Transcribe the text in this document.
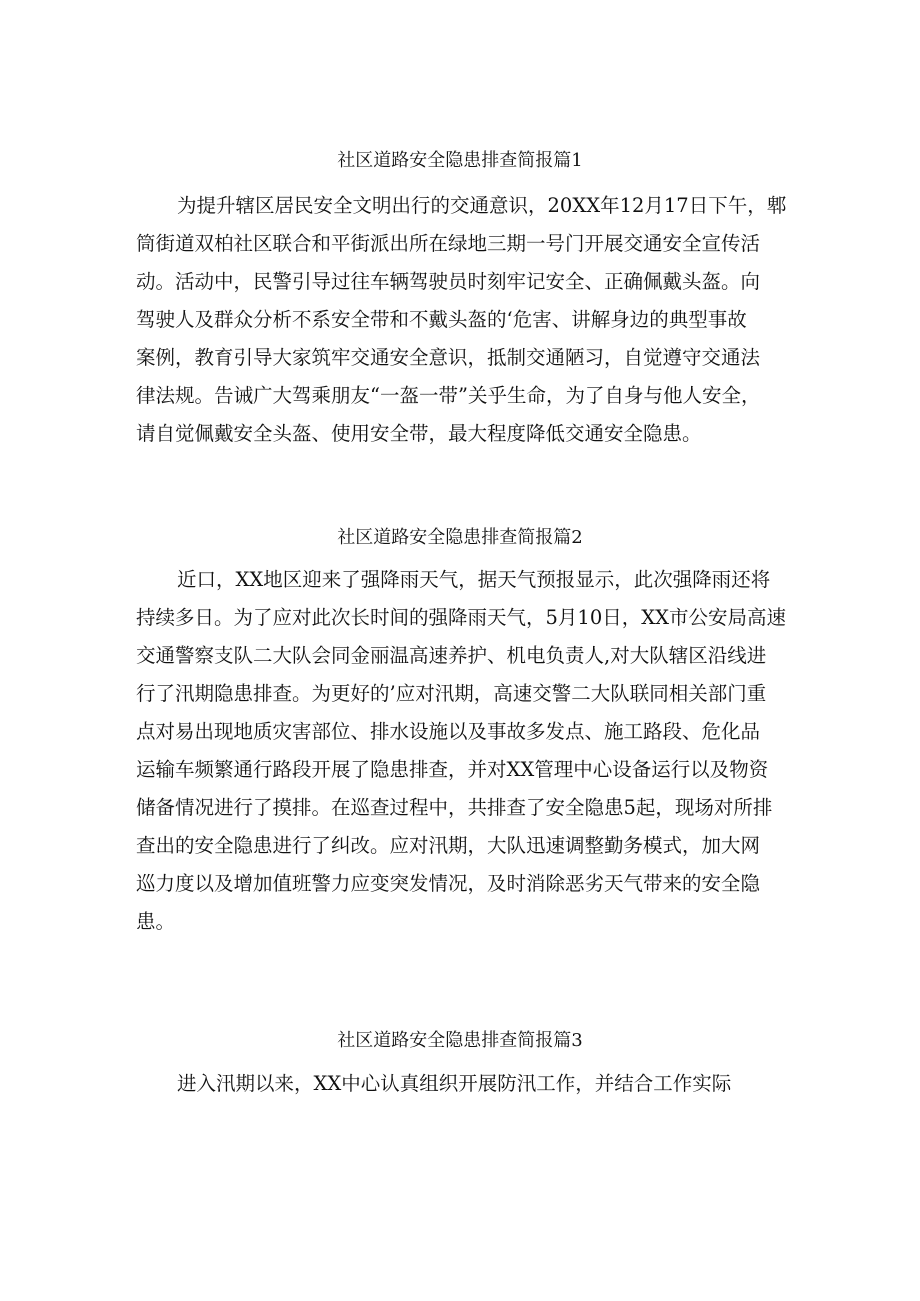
社区道路安全隐患排查简报篇1
为提升辖区居民安全文明出行的交通意识，20XX年12月17日下午，郫
筒街道双柏社区联合和平街派出所在绿地三期一号门开展交通安全宣传活
动。活动中，民警引导过往车辆驾驶员时刻牢记安全、正确佩戴头盔。向
驾驶人及群众分析不系安全带和不戴头盔的‘危害、讲解身边的典型事故
案例，教育引导大家筑牢交通安全意识，抵制交通陋习，自觉遵守交通法
律法规。告诫广大驾乘朋友“一盔一带”关乎生命，为了自身与他人安全，
请自觉佩戴安全头盔、使用安全带，最大程度降低交通安全隐患。
社区道路安全隐患排查简报篇2
近口，XX地区迎来了强降雨天气，据天气预报显示，此次强降雨还将
持续多日。为了应对此次长时间的强降雨天气，5月10日，XX市公安局高速
交通警察支队二大队会同金丽温高速养护、机电负责人,对大队辖区沿线进
行了汛期隐患排查。为更好的’应对汛期，高速交警二大队联同相关部门重
点对易出现地质灾害部位、排水设施以及事故多发点、施工路段、危化品
运输车频繁通行路段开展了隐患排查，并对XX管理中心设备运行以及物资
储备情况进行了摸排。在巡查过程中，共排查了安全隐患5起，现场对所排
查出的安全隐患进行了纠改。应对汛期，大队迅速调整勤务模式，加大网
巡力度以及增加值班警力应变突发情况，及时消除恶劣天气带来的安全隐
患。
社区道路安全隐患排查简报篇3
进入汛期以来，XX中心认真组织开展防汛工作，并结合工作实际
